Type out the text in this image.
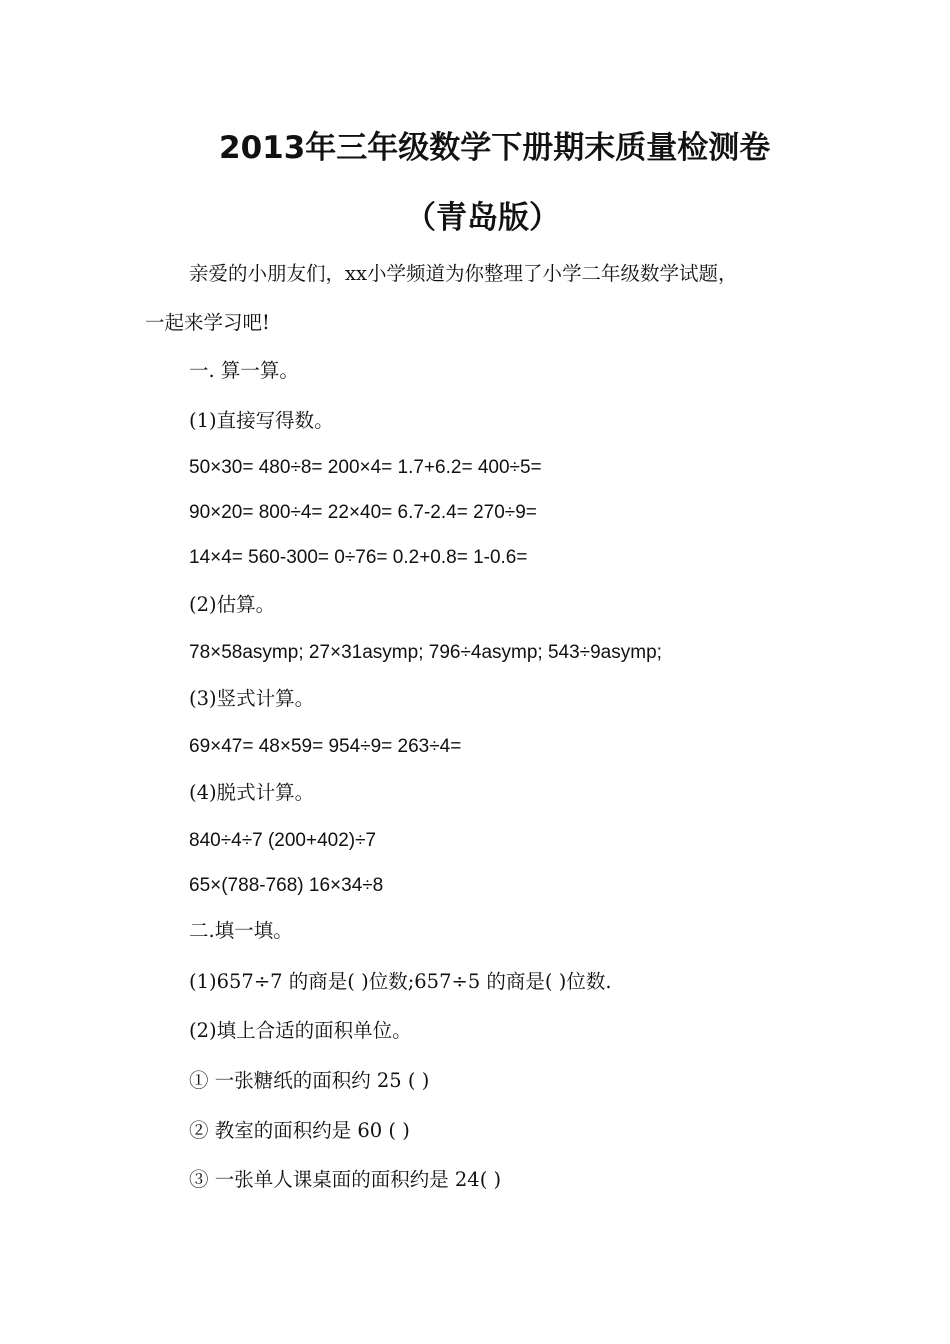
2013年三年级数学下册期末质量检测卷
（青岛版）
亲爱的小朋友们，xx小学频道为你整理了小学二年级数学试题，
一起来学习吧!
一. 算一算。
(1)直接写得数。
50×30= 480÷8= 200×4= 1.7+6.2= 400÷5=
90×20= 800÷4= 22×40= 6.7-2.4= 270÷9=
14×4= 560-300= 0÷76= 0.2+0.8= 1-0.6=
(2)估算。
78×58asymp; 27×31asymp; 796÷4asymp; 543÷9asymp;
(3)竖式计算。
69×47= 48×59= 954÷9= 263÷4=
(4)脱式计算。
840÷4÷7 (200+402)÷7
65×(788-768) 16×34÷8
二.填一填。
(1)657÷7 的商是( )位数;657÷5 的商是( )位数.
(2)填上合适的面积单位。
① 一张糖纸的面积约 25 ( )
② 教室的面积约是 60 ( )
③ 一张单人课桌面的面积约是 24( )
